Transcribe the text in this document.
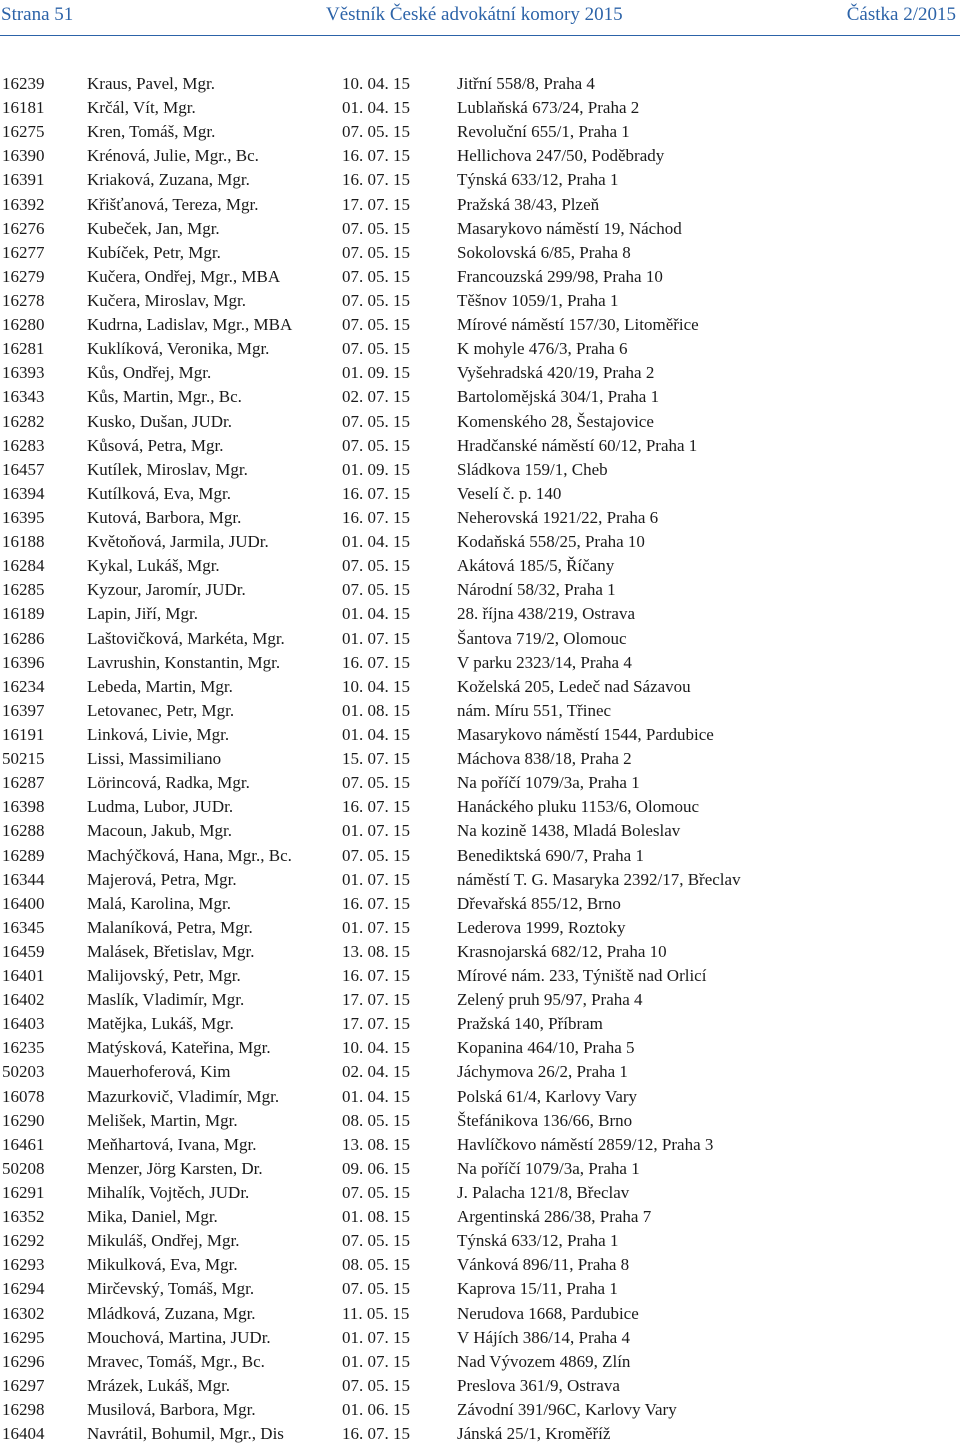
Strana 51	Věstník České advokátní komory 2015	Částka 2/2015
16239	Kraus, Pavel, Mgr.	10. 04. 15	Jitřní 558/8, Praha 4
16181	Krčál, Vít, Mgr.	01. 04. 15	Lublaňská 673/24, Praha 2
16275	Kren, Tomáš, Mgr.	07. 05. 15	Revoluční 655/1, Praha 1
16390	Krénová, Julie, Mgr., Bc.	16. 07. 15	Hellichova 247/50, Poděbrady
16391	Kriaková, Zuzana, Mgr.	16. 07. 15	Týnská 633/12, Praha 1
16392	Křišťanová, Tereza, Mgr.	17. 07. 15	Pražská 38/43, Plzeň
16276	Kubeček, Jan, Mgr.	07. 05. 15	Masarykovo náměstí 19, Náchod
16277	Kubíček, Petr, Mgr.	07. 05. 15	Sokolovská 6/85, Praha 8
16279	Kučera, Ondřej, Mgr., MBA	07. 05. 15	Francouzská 299/98, Praha 10
16278	Kučera, Miroslav, Mgr.	07. 05. 15	Těšnov 1059/1, Praha 1
16280	Kudrna, Ladislav, Mgr., MBA	07. 05. 15	Mírové náměstí 157/30, Litoměřice
16281	Kuklíková, Veronika, Mgr.	07. 05. 15	K mohyle 476/3, Praha 6
16393	Kůs, Ondřej, Mgr.	01. 09. 15	Vyšehradská 420/19, Praha 2
16343	Kůs, Martin, Mgr., Bc.	02. 07. 15	Bartolomějská 304/1, Praha 1
16282	Kusko, Dušan, JUDr.	07. 05. 15	Komenského 28, Šestajovice
16283	Kůsová, Petra, Mgr.	07. 05. 15	Hradčanské náměstí 60/12, Praha 1
16457	Kutílek, Miroslav, Mgr.	01. 09. 15	Sládkova 159/1, Cheb
16394	Kutílková, Eva, Mgr.	16. 07. 15	Veselí č. p. 140
16395	Kutová, Barbora, Mgr.	16. 07. 15	Neherovská 1921/22, Praha 6
16188	Květoňová, Jarmila, JUDr.	01. 04. 15	Kodaňská 558/25, Praha 10
16284	Kykal, Lukáš, Mgr.	07. 05. 15	Akátová 185/5, Říčany
16285	Kyzour, Jaromír, JUDr.	07. 05. 15	Národní 58/32, Praha 1
16189	Lapin, Jiří, Mgr.	01. 04. 15	28. října 438/219, Ostrava
16286	Laštovičková, Markéta, Mgr.	01. 07. 15	Šantova 719/2, Olomouc
16396	Lavrushin, Konstantin, Mgr.	16. 07. 15	V parku 2323/14, Praha 4
16234	Lebeda, Martin, Mgr.	10. 04. 15	Koželská 205, Ledeč nad Sázavou
16397	Letovanec, Petr, Mgr.	01. 08. 15	nám. Míru 551, Třinec
16191	Linková, Livie, Mgr.	01. 04. 15	Masarykovo náměstí 1544, Pardubice
50215	Lissi, Massimiliano	15. 07. 15	Máchova 838/18, Praha 2
16287	Lörincová, Radka, Mgr.	07. 05. 15	Na poříčí 1079/3a, Praha 1
16398	Ludma, Lubor, JUDr.	16. 07. 15	Hanáckého pluku 1153/6, Olomouc
16288	Macoun, Jakub, Mgr.	01. 07. 15	Na kozině 1438, Mladá Boleslav
16289	Machýčková, Hana, Mgr., Bc.	07. 05. 15	Benediktská 690/7, Praha 1
16344	Majerová, Petra, Mgr.	01. 07. 15	náměstí T. G. Masaryka 2392/17, Břeclav
16400	Malá, Karolina, Mgr.	16. 07. 15	Dřevařská 855/12, Brno
16345	Malaníková, Petra, Mgr.	01. 07. 15	Lederova 1999, Roztoky
16459	Malásek, Břetislav, Mgr.	13. 08. 15	Krasnojarská 682/12, Praha 10
16401	Malijovský, Petr, Mgr.	16. 07. 15	Mírové nám. 233, Týniště nad Orlicí
16402	Maslík, Vladimír, Mgr.	17. 07. 15	Zelený pruh 95/97, Praha 4
16403	Matějka, Lukáš, Mgr.	17. 07. 15	Pražská 140, Příbram
16235	Matýsková, Kateřina, Mgr.	10. 04. 15	Kopanina 464/10, Praha 5
50203	Mauerhoferová, Kim	02. 04. 15	Jáchymova 26/2, Praha 1
16078	Mazurkovič, Vladimír, Mgr.	01. 04. 15	Polská 61/4, Karlovy Vary
16290	Melišek, Martin, Mgr.	08. 05. 15	Štefánikova 136/66, Brno
16461	Meňhartová, Ivana, Mgr.	13. 08. 15	Havlíčkovo náměstí 2859/12, Praha 3
50208	Menzer, Jörg Karsten, Dr.	09. 06. 15	Na poříčí 1079/3a, Praha 1
16291	Mihalík, Vojtěch, JUDr.	07. 05. 15	J. Palacha 121/8, Břeclav
16352	Mika, Daniel, Mgr.	01. 08. 15	Argentinská 286/38, Praha 7
16292	Mikuláš, Ondřej, Mgr.	07. 05. 15	Týnská 633/12, Praha 1
16293	Mikulková, Eva, Mgr.	08. 05. 15	Vánková 896/11, Praha 8
16294	Mirčevský, Tomáš, Mgr.	07. 05. 15	Kaprova 15/11, Praha 1
16302	Mládková, Zuzana, Mgr.	11. 05. 15	Nerudova 1668, Pardubice
16295	Mouchová, Martina, JUDr.	01. 07. 15	V Hájích 386/14, Praha 4
16296	Mravec, Tomáš, Mgr., Bc.	01. 07. 15	Nad Vývozem 4869, Zlín
16297	Mrázek, Lukáš, Mgr.	07. 05. 15	Preslova 361/9, Ostrava
16298	Musilová, Barbora, Mgr.	01. 06. 15	Závodní 391/96C, Karlovy Vary
16404	Navrátil, Bohumil, Mgr., Dis	16. 07. 15	Jánská 25/1, Kroměříž
